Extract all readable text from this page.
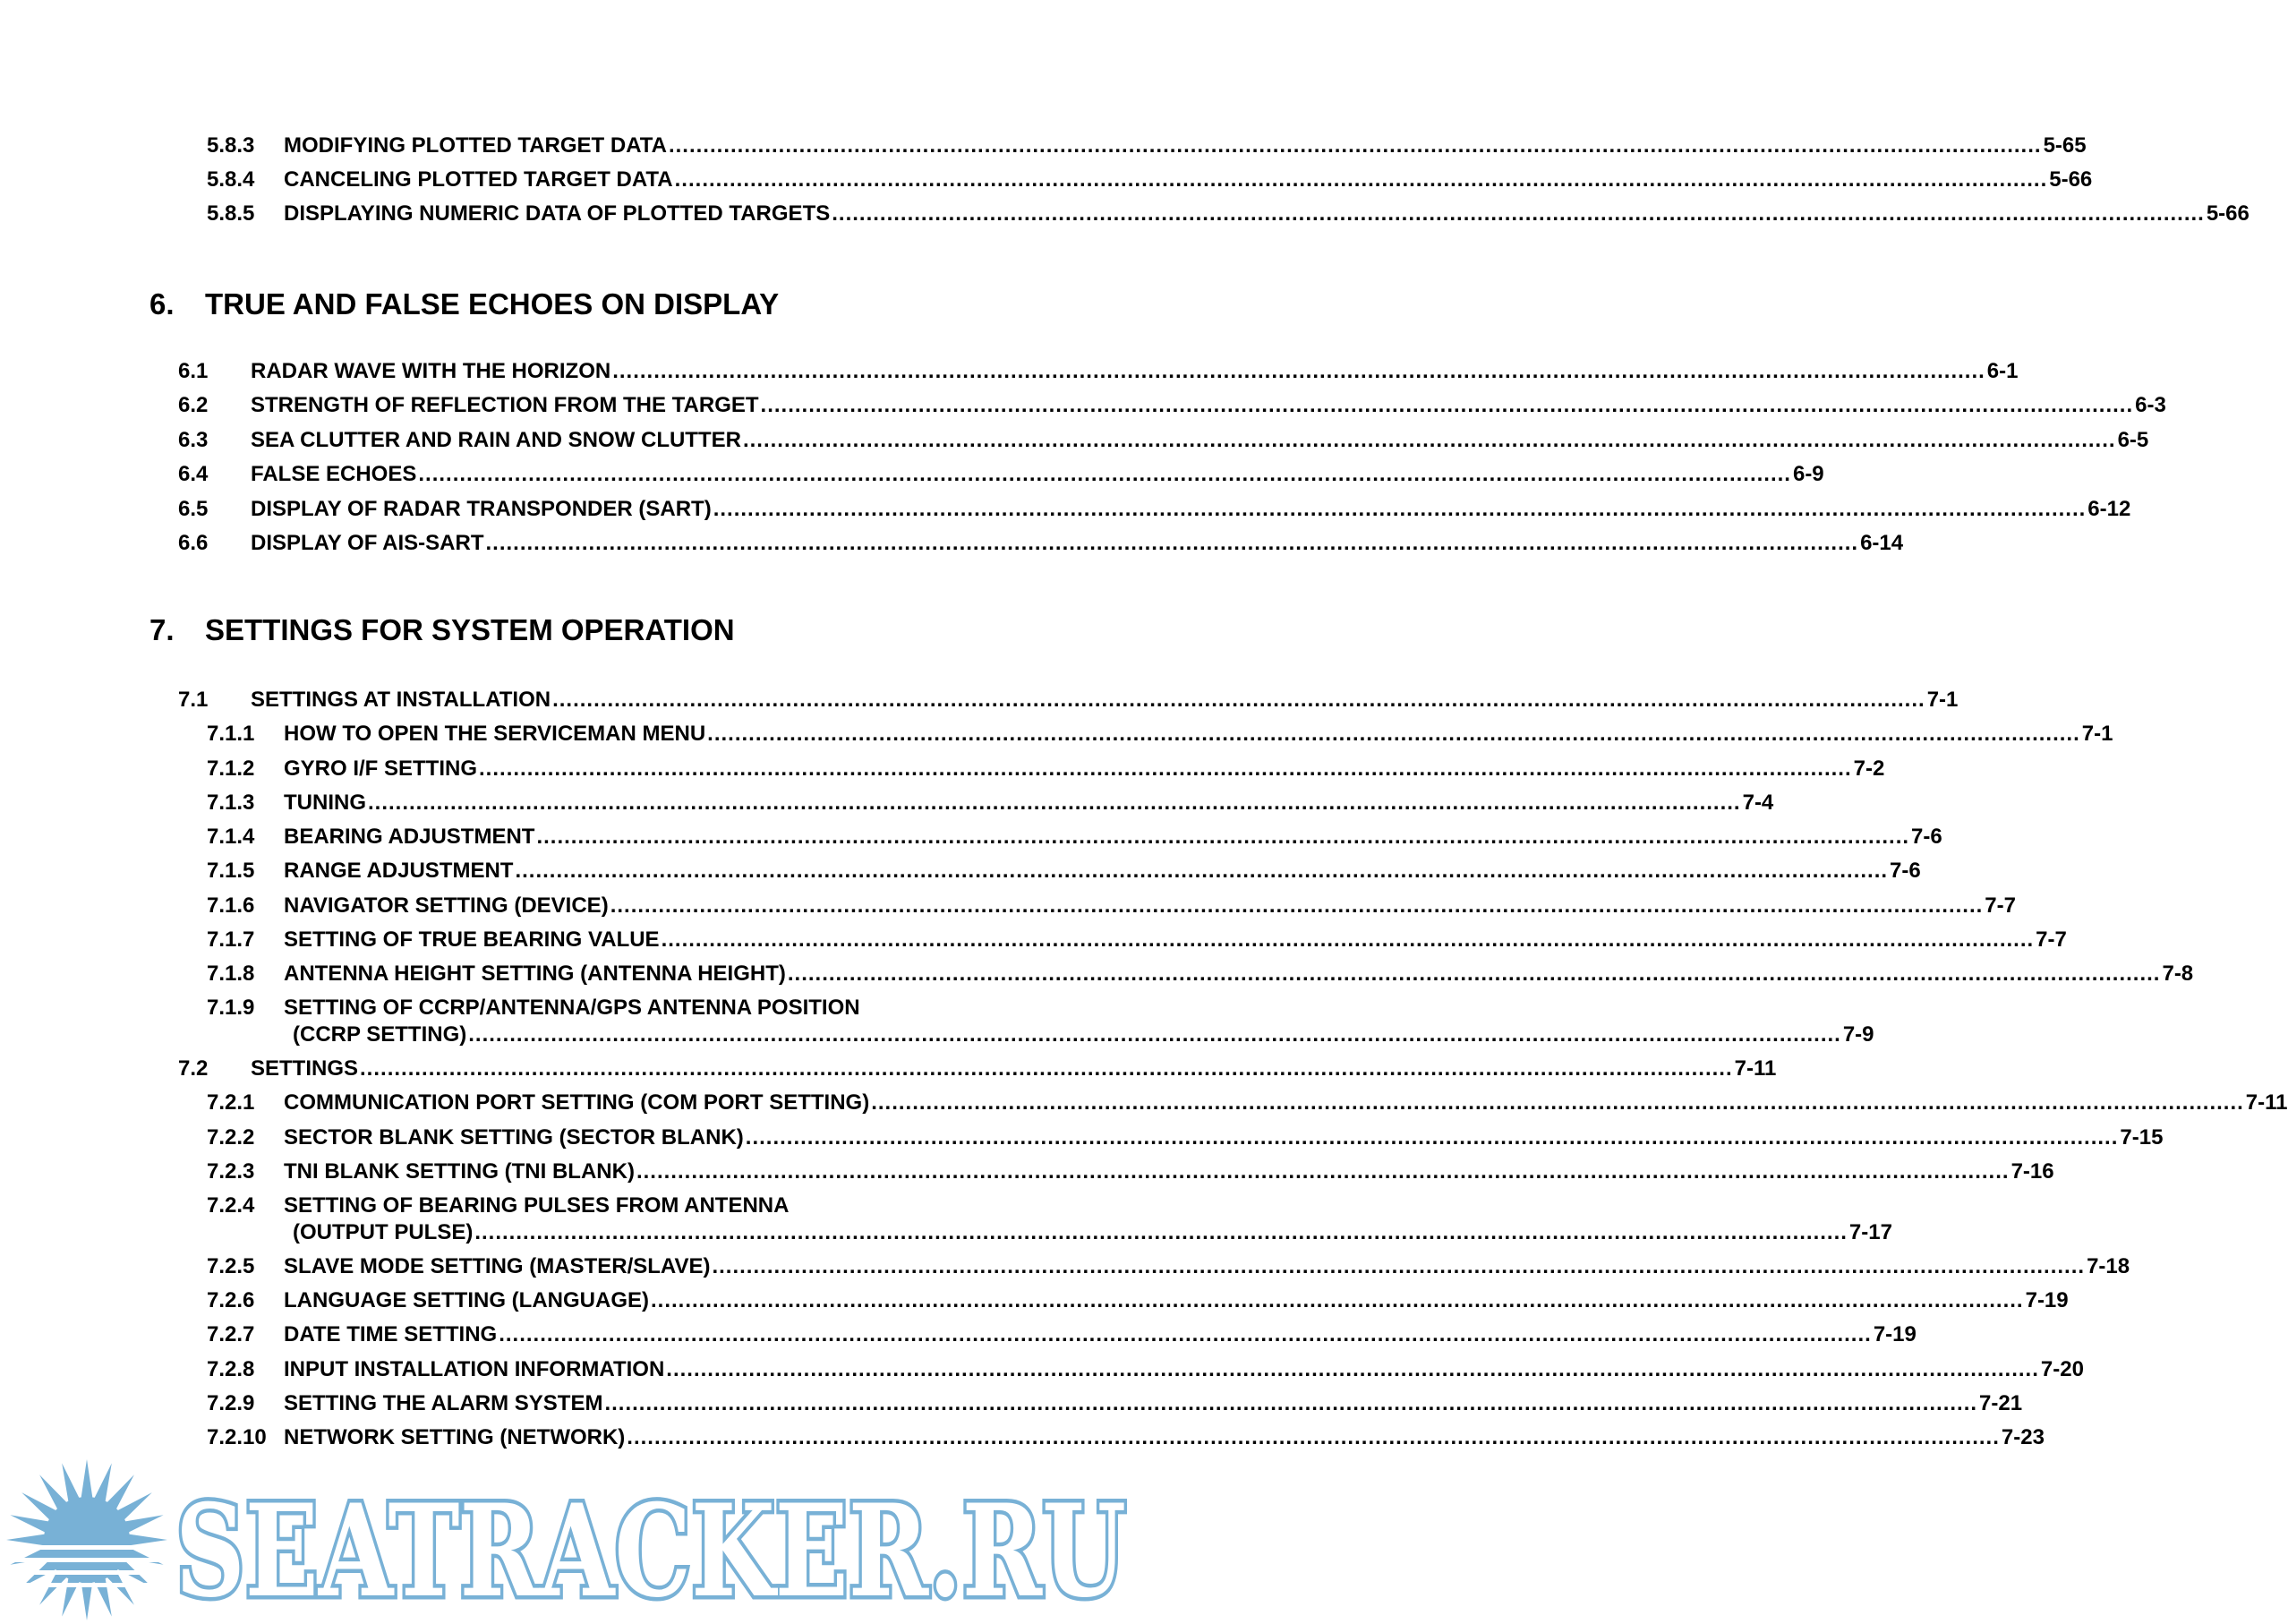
5.8.3 MODIFYING PLOTTED TARGET DATA ........................................................................................................................................................................................................ 5-65
5.8.4 CANCELING PLOTTED TARGET DATA ........................................................................................................................................................................................................ 5-66
5.8.5 DISPLAYING NUMERIC DATA OF PLOTTED TARGETS ........................................................................................................................................................................................................ 5-66
6. TRUE AND FALSE ECHOES ON DISPLAY
6.1 RADAR WAVE WITH THE HORIZON ........................................................................................................................................................................................................ 6-1
6.2 STRENGTH OF REFLECTION FROM THE TARGET ........................................................................................................................................................................................................ 6-3
6.3 SEA CLUTTER AND RAIN AND SNOW CLUTTER ........................................................................................................................................................................................................ 6-5
6.4 FALSE ECHOES ........................................................................................................................................................................................................ 6-9
6.5 DISPLAY OF RADAR TRANSPONDER (SART) ........................................................................................................................................................................................................ 6-12
6.6 DISPLAY OF AIS-SART ........................................................................................................................................................................................................ 6-14
7. SETTINGS FOR SYSTEM OPERATION
7.1 SETTINGS AT INSTALLATION ........................................................................................................................................................................................................ 7-1
7.1.1 HOW TO OPEN THE SERVICEMAN MENU ........................................................................................................................................................................................................ 7-1
7.1.2 GYRO I/F SETTING ........................................................................................................................................................................................................ 7-2
7.1.3 TUNING ........................................................................................................................................................................................................ 7-4
7.1.4 BEARING ADJUSTMENT ........................................................................................................................................................................................................ 7-6
7.1.5 RANGE ADJUSTMENT ........................................................................................................................................................................................................ 7-6
7.1.6 NAVIGATOR SETTING (DEVICE) ........................................................................................................................................................................................................ 7-7
7.1.7 SETTING OF TRUE BEARING VALUE ........................................................................................................................................................................................................ 7-7
7.1.8 ANTENNA HEIGHT SETTING (ANTENNA HEIGHT) ........................................................................................................................................................................................................ 7-8
7.1.9 SETTING OF CCRP/ANTENNA/GPS ANTENNA POSITION
(CCRP SETTING) ........................................................................................................................................................................................................ 7-9
7.2 SETTINGS ........................................................................................................................................................................................................ 7-11
7.2.1 COMMUNICATION PORT SETTING (COM PORT SETTING) ........................................................................................................................................................................................................ 7-11
7.2.2 SECTOR BLANK SETTING (SECTOR BLANK) ........................................................................................................................................................................................................ 7-15
7.2.3 TNI BLANK SETTING (TNI BLANK) ........................................................................................................................................................................................................ 7-16
7.2.4 SETTING OF BEARING PULSES FROM ANTENNA
(OUTPUT PULSE) ........................................................................................................................................................................................................ 7-17
7.2.5 SLAVE MODE SETTING (MASTER/SLAVE) ........................................................................................................................................................................................................ 7-18
7.2.6 LANGUAGE SETTING (LANGUAGE) ........................................................................................................................................................................................................ 7-19
7.2.7 DATE TIME SETTING ........................................................................................................................................................................................................ 7-19
7.2.8 INPUT INSTALLATION INFORMATION ........................................................................................................................................................................................................ 7-20
7.2.9 SETTING THE ALARM SYSTEM ........................................................................................................................................................................................................ 7-21
7.2.10 NETWORK SETTING (NETWORK) ........................................................................................................................................................................................................ 7-23
SEATRACKER.RU
